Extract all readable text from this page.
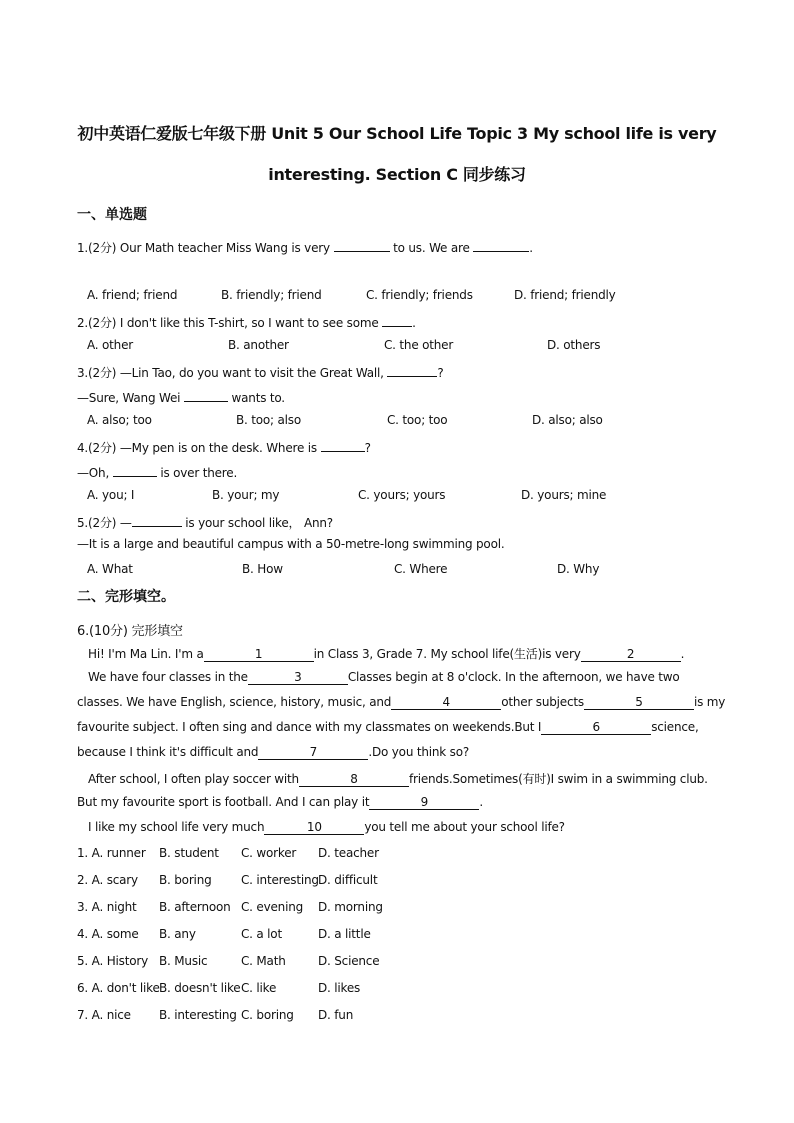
初中英语仁爱版七年级下册 Unit 5 Our School Life Topic 3 My school life is very
interesting. Section C 同步练习
一、单选题
1.(2分) Our Math teacher Miss Wang is very	to us. We are	.
A. friend; friend	B. friendly; friend	C. friendly; friends	D. friend; friendly
2.(2分) I don't like this T-shirt, so I want to see some	.
A. other	B. another	C. the other	D. others
3.(2分) —Lin Tao, do you want to visit the Great Wall,	?
—Sure, Wang Wei	wants to.
A. also; too	B. too; also	C. too; too	D. also; also
4.(2分) —My pen is on the desk. Where is	?
—Oh,	is over there.
A. you; I	B. your; my	C. yours; yours	D. yours; mine
5.(2分) —	is your school like， Ann?
—It is a large and beautiful campus with a 50-metre-long swimming pool.
A. What	B. How	C. Where	D. Why
二、完形填空。
6.(10分) 完形填空
Hi! I'm Ma Lin. I'm a	1	in Class 3, Grade 7. My school life(生活)is very	2	.
We have four classes in the	3	Classes begin at 8 o'clock. In the afternoon, we have two
classes. We have English, science, history, music, and	4	other subjects	5	is my
favourite subject. I often sing and dance with my classmates on weekends.But I	6	science,
because I think it's difficult and	7	.Do you think so?
After school, I often play soccer with	8	friends.Sometimes(有时)I swim in a swimming club.
But my favourite sport is football. And I can play it	9	.
I like my school life very much	10	you tell me about your school life?
1. A. runner B. student C. worker D. teacher
2. A. scary B. boring C. interesting D. difficult
3. A. night B. afternoon C. evening D. morning
4. A. some B. any	C. a lot	D. a little
5. A. History B. Music	C. Math	D. Science
6. A. don't like B. doesn't like C. like	D. likes
7. A. nice B. interesting C. boring D. fun
